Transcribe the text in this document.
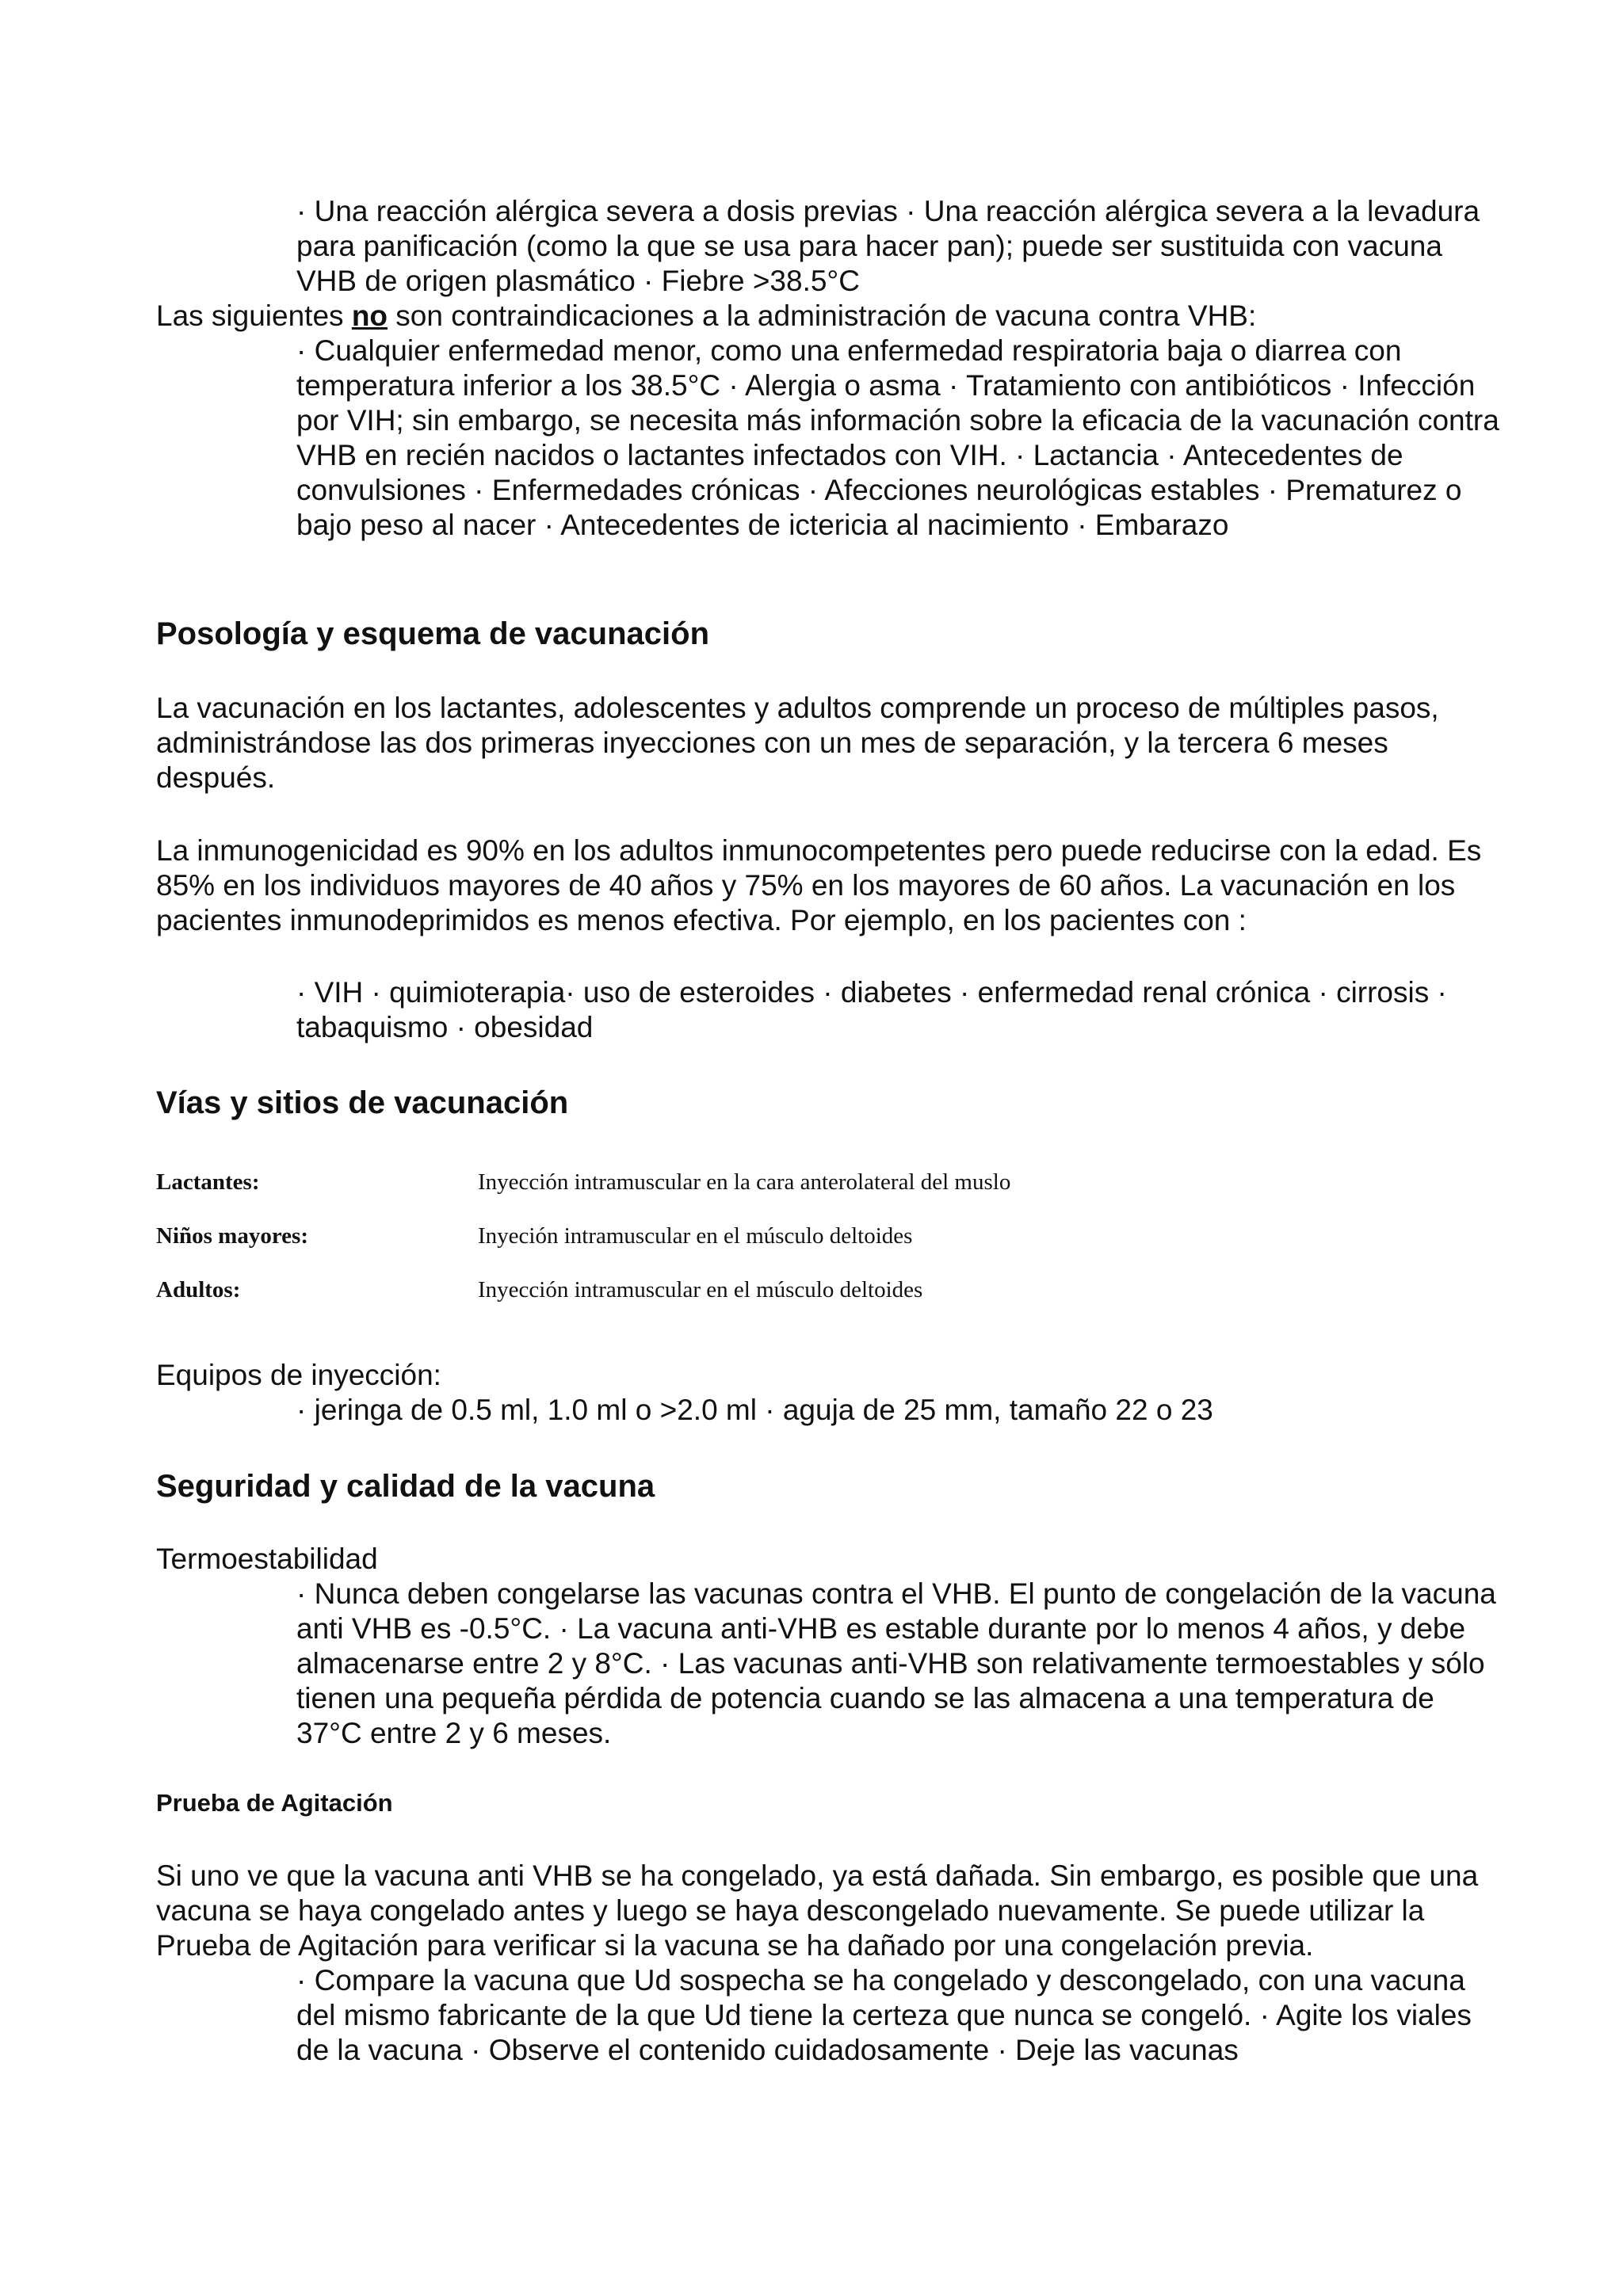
· Una reacción alérgica severa a dosis previas · Una reacción alérgica severa a la levadura para panificación (como la que se usa para hacer pan); puede ser sustituida con vacuna VHB de origen plasmático · Fiebre >38.5°C

Las siguientes no son contraindicaciones a la administración de vacuna contra VHB:

· Cualquier enfermedad menor, como una enfermedad respiratoria baja o diarrea con temperatura inferior a los 38.5°C · Alergia o asma · Tratamiento con antibióticos · Infección por VIH; sin embargo, se necesita más información sobre la eficacia de la vacunación contra VHB en recién nacidos o lactantes infectados con VIH. · Lactancia · Antecedentes de convulsiones · Enfermedades crónicas · Afecciones neurológicas estables · Prematurez o bajo peso al nacer · Antecedentes de ictericia al nacimiento · Embarazo

Posología y esquema de vacunación

La vacunación en los lactantes, adolescentes y adultos comprende un proceso de múltiples pasos, administrándose las dos primeras inyecciones con un mes de separación, y la tercera 6 meses después.

La inmunogenicidad es 90% en los adultos inmunocompetentes pero puede reducirse con la edad. Es 85% en los individuos mayores de 40 años y 75% en los mayores de 60 años. La vacunación en los pacientes inmunodeprimidos es menos efectiva. Por ejemplo, en los pacientes con :

· VIH · quimioterapia· uso de esteroides · diabetes · enfermedad renal crónica · cirrosis · tabaquismo · obesidad

Vías y sitios de vacunación
Lactantes:	Inyección intramuscular en la cara anterolateral del muslo
Niños mayores:	Inyeción intramuscular en el músculo deltoides
Adultos:	Inyección intramuscular en el músculo deltoides

Equipos de inyección:

· jeringa de 0.5 ml, 1.0 ml o >2.0 ml · aguja de 25 mm, tamaño 22 o 23

Seguridad y calidad de la vacuna

Termoestabilidad

· Nunca deben congelarse las vacunas contra el VHB. El punto de congelación de la vacuna anti VHB es -0.5°C. · La vacuna anti-VHB es estable durante por lo menos 4 años, y debe almacenarse entre 2 y 8°C. · Las vacunas anti-VHB son relativamente termoestables y sólo tienen una pequeña pérdida de potencia cuando se las almacena a una temperatura de 37°C entre 2 y 6 meses.

Prueba de Agitación

Si uno ve que la vacuna anti VHB se ha congelado, ya está dañada. Sin embargo, es posible que una vacuna se haya congelado antes y luego se haya descongelado nuevamente. Se puede utilizar la Prueba de Agitación para verificar si la vacuna se ha dañado por una congelación previa.

· Compare la vacuna que Ud sospecha se ha congelado y descongelado, con una vacuna del mismo fabricante de la que Ud tiene la certeza que nunca se congeló. · Agite los viales de la vacuna · Observe el contenido cuidadosamente · Deje las vacunas
